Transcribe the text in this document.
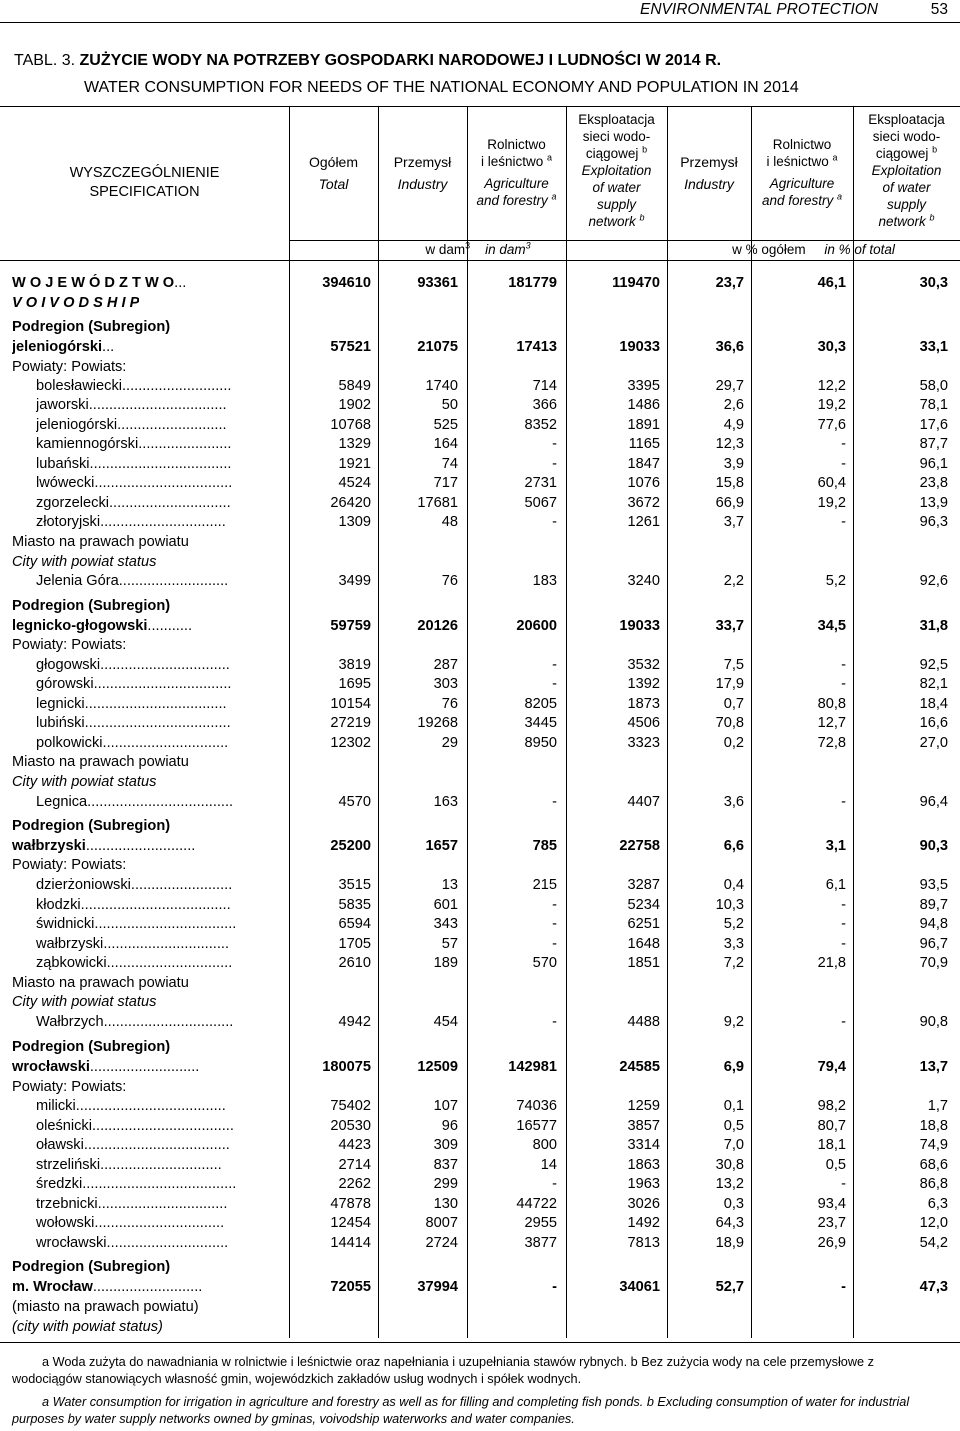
ENVIRONMENTAL PROTECTION	53
TABL. 3. ZUŻYCIE WODY NA POTRZEBY GOSPODARKI NARODOWEJ I LUDNOŚCI W 2014 R.
WATER CONSUMPTION FOR NEEDS OF THE NATIONAL ECONOMY AND POPULATION IN 2014
WYSZCZEGÓLNIENIE
SPECIFICATION
Ogółem
Total
Przemysł
Industry
Rolnictwo
i leśnictwo $^a$
Agriculture
and forestry $^a$
Eksploatacja
sieci wodo-
ciągowej $^b$
Exploitation
of water
supply
network $^b$
Przemysł
Industry
Rolnictwo
i leśnictwo $^a$
Agriculture
and forestry $^a$
Eksploatacja
sieci wodo-
ciągowej $^b$
Exploitation
of water
supply
network $^b$
w dam$^3$ in dam$^3$	w % ogółem in % of total
W O J E W Ó D Z T W O...	394610	93361	181779	119470	23,7	46,1	30,3
V O I V O D S H I P
Podregion (Subregion)
jeleniogórski...	57521	21075	17413	19033	36,6	30,3	33,1
Powiaty: Powiats:
bolesławiecki...........................	5849	1740	714	3395	29,7	12,2	58,0
jaworski..................................	1902	50	366	1486	2,6	19,2	78,1
jeleniogórski...........................	10768	525	8352	1891	4,9	77,6	17,6
kamiennogórski.......................	1329	164	-	1165	12,3	-	87,7
lubański...................................	1921	74	-	1847	3,9	-	96,1
lwówecki..................................	4524	717	2731	1076	15,8	60,4	23,8
zgorzelecki..............................	26420	17681	5067	3672	66,9	19,2	13,9
złotoryjski...............................	1309	48	-	1261	3,7	-	96,3
Miasto na prawach powiatu
City with powiat status
Jelenia Góra...........................	3499	76	183	3240	2,2	5,2	92,6
Podregion (Subregion)
legnicko-głogowski...........	59759	20126	20600	19033	33,7	34,5	31,8
Powiaty: Powiats:
głogowski................................	3819	287	-	3532	7,5	-	92,5
górowski..................................	1695	303	-	1392	17,9	-	82,1
legnicki...................................	10154	76	8205	1873	0,7	80,8	18,4
lubiński....................................	27219	19268	3445	4506	70,8	12,7	16,6
polkowicki...............................	12302	29	8950	3323	0,2	72,8	27,0
Miasto na prawach powiatu
City with powiat status
Legnica....................................	4570	163	-	4407	3,6	-	96,4
Podregion (Subregion)
wałbrzyski...........................	25200	1657	785	22758	6,6	3,1	90,3
Powiaty: Powiats:
dzierżoniowski.........................	3515	13	215	3287	0,4	6,1	93,5
kłodzki.....................................	5835	601	-	5234	10,3	-	89,7
świdnicki...................................	6594	343	-	6251	5,2	-	94,8
wałbrzyski...............................	1705	57	-	1648	3,3	-	96,7
ząbkowicki...............................	2610	189	570	1851	7,2	21,8	70,9
Miasto na prawach powiatu
City with powiat status
Wałbrzych................................	4942	454	-	4488	9,2	-	90,8
Podregion (Subregion)
wrocławski...........................	180075	12509	142981	24585	6,9	79,4	13,7
Powiaty: Powiats:
milicki.....................................	75402	107	74036	1259	0,1	98,2	1,7
oleśnicki...................................	20530	96	16577	3857	0,5	80,7	18,8
oławski....................................	4423	309	800	3314	7,0	18,1	74,9
strzeliński..............................	2714	837	14	1863	30,8	0,5	68,6
średzki......................................	2262	299	-	1963	13,2	-	86,8
trzebnicki................................	47878	130	44722	3026	0,3	93,4	6,3
wołowski................................	12454	8007	2955	1492	64,3	23,7	12,0
wrocławski..............................	14414	2724	3877	7813	18,9	26,9	54,2
Podregion (Subregion)
m. Wrocław...........................	72055	37994	-	34061	52,7	-	47,3
(miasto na prawach powiatu)
(city with powiat status)
a Woda zużyta do nawadniania w rolnictwie i leśnictwie oraz napełniania i uzupełniania stawów rybnych. b Bez zużycia wody na cele przemysłowe z wodociągów stanowiących własność gmin, wojewódzkich zakładów usług wodnych i spółek wodnych.
a Water consumption for irrigation in agriculture and forestry as well as for filling and completing fish ponds. b Excluding consumption of water for industrial purposes by water supply networks owned by gminas, voivodship waterworks and water companies.
